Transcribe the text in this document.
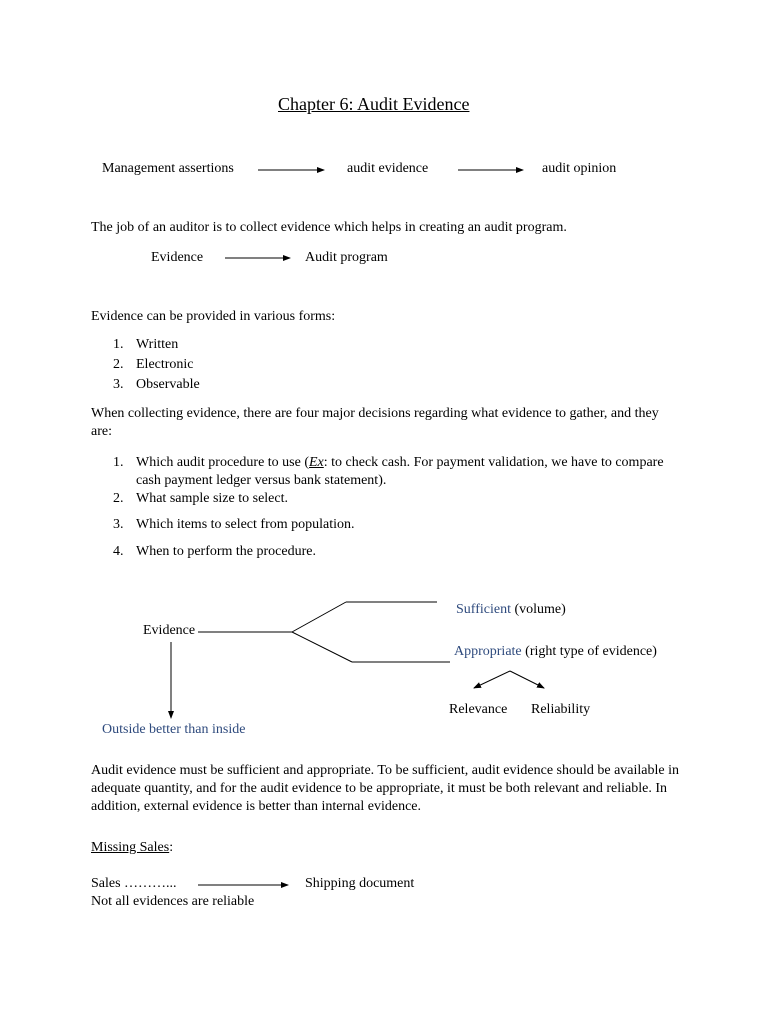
Chapter 6: Audit Evidence
Management assertions	audit evidence	audit opinion
The job of an auditor is to collect evidence which helps in creating an audit program.
Evidence	Audit program
Evidence can be provided in various forms:
1. Written
2. Electronic
3. Observable
When collecting evidence, there are four major decisions regarding what evidence to gather, and they are:
1. Which audit procedure to use (Ex: to check cash. For payment validation, we have to compare cash payment ledger versus bank statement).
2. What sample size to select.
3. Which items to select from population.
4. When to perform the procedure.
Evidence
Sufficient (volume)
Appropriate (right type of evidence)
Relevance Reliability
Outside better than inside
Audit evidence must be sufficient and appropriate. To be sufficient, audit evidence should be available in adequate quantity, and for the audit evidence to be appropriate, it must be both relevant and reliable. In addition, external evidence is better than internal evidence.
Missing Sales:
Sales ………...	Shipping document
Not all evidences are reliable
